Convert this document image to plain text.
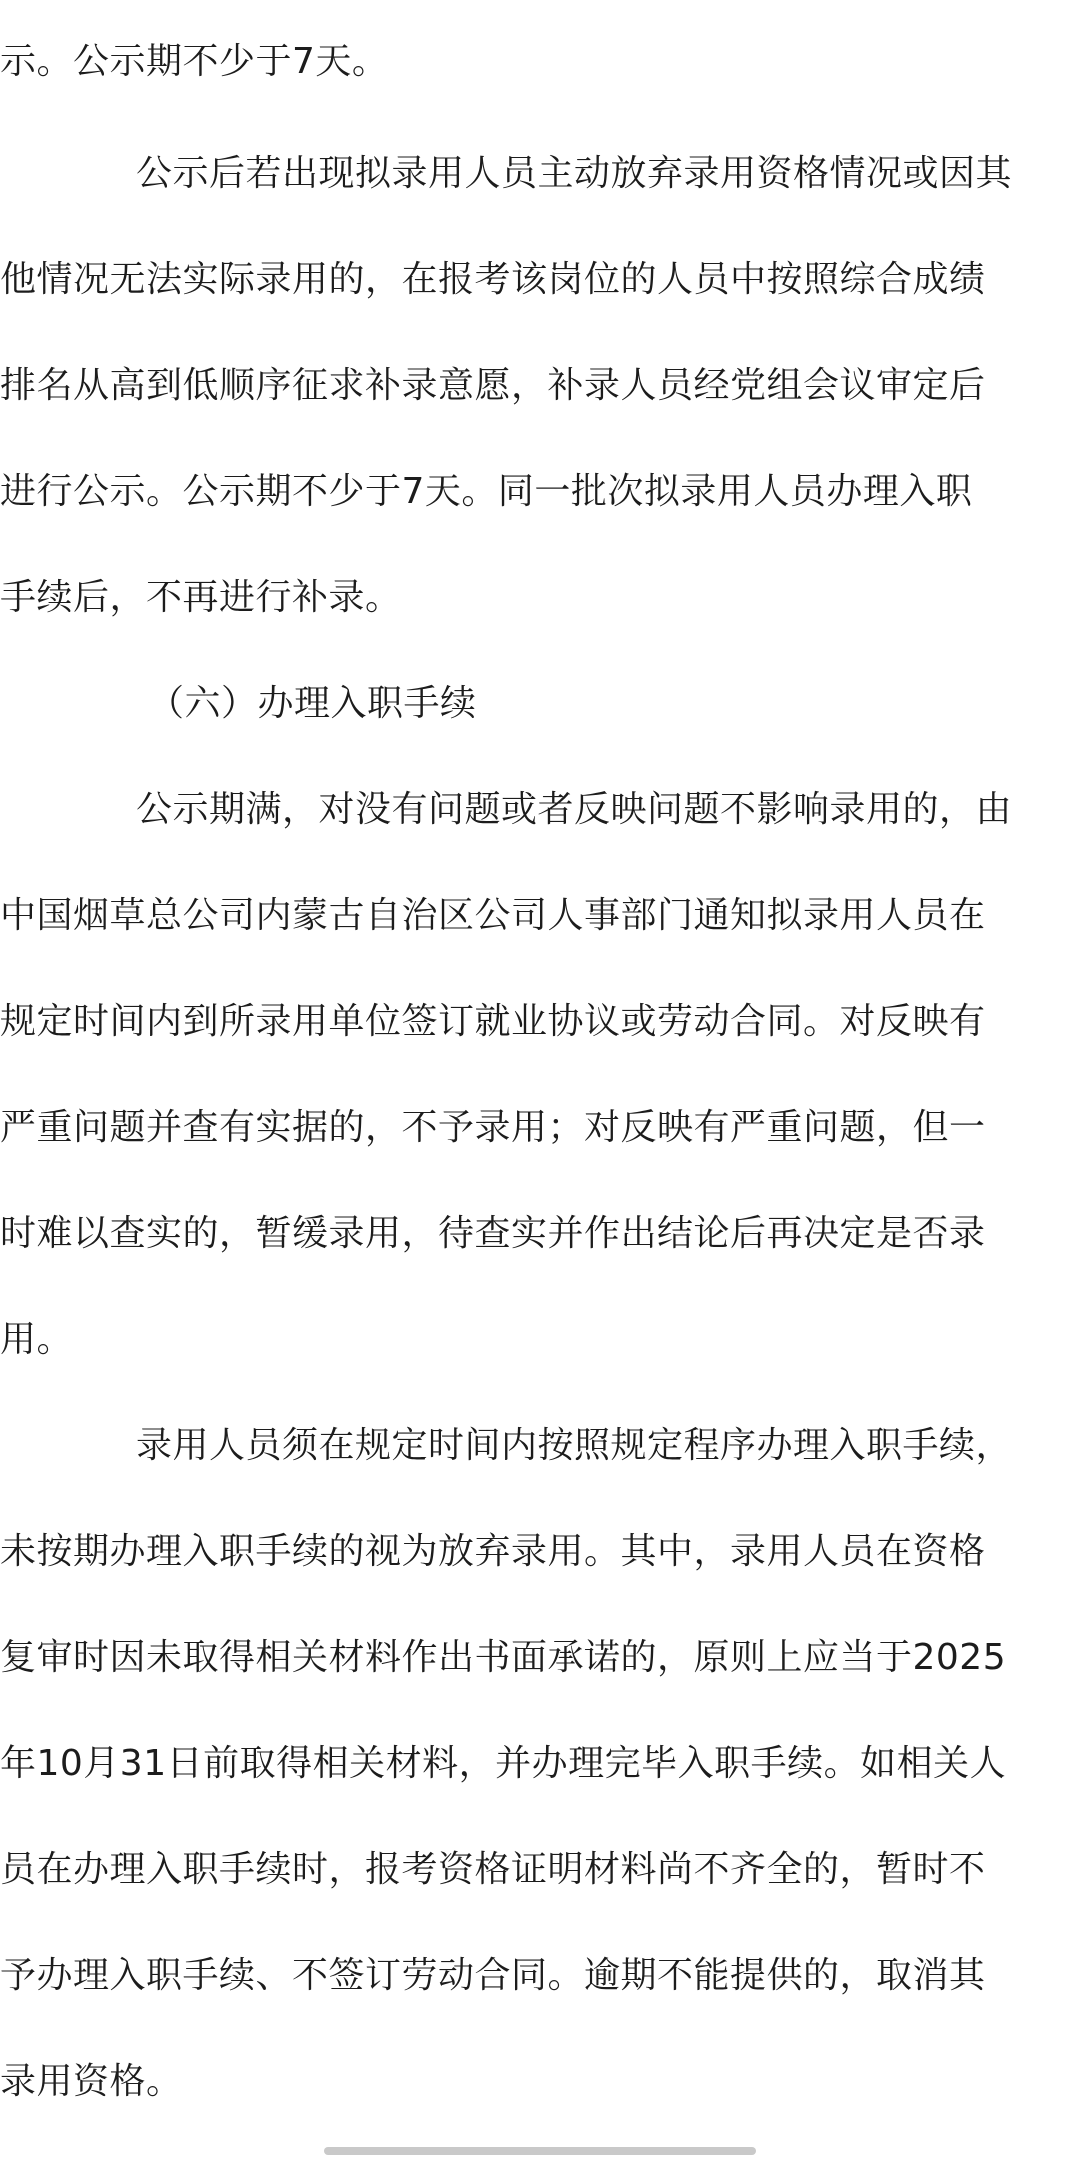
示。公示期不少于7天。
公示后若出现拟录用人员主动放弃录用资格情况或因其
他情况无法实际录用的，在报考该岗位的人员中按照综合成绩
排名从高到低顺序征求补录意愿，补录人员经党组会议审定后
进行公示。公示期不少于7天。同一批次拟录用人员办理入职
手续后，不再进行补录。
（六）办理入职手续
公示期满，对没有问题或者反映问题不影响录用的，由
中国烟草总公司内蒙古自治区公司人事部门通知拟录用人员在
规定时间内到所录用单位签订就业协议或劳动合同。对反映有
严重问题并查有实据的，不予录用；对反映有严重问题，但一
时难以查实的，暂缓录用，待查实并作出结论后再决定是否录
用。
录用人员须在规定时间内按照规定程序办理入职手续，
未按期办理入职手续的视为放弃录用。其中，录用人员在资格
复审时因未取得相关材料作出书面承诺的，原则上应当于2025
年10月31日前取得相关材料，并办理完毕入职手续。如相关人
员在办理入职手续时，报考资格证明材料尚不齐全的，暂时不
予办理入职手续、不签订劳动合同。逾期不能提供的，取消其
录用资格。
